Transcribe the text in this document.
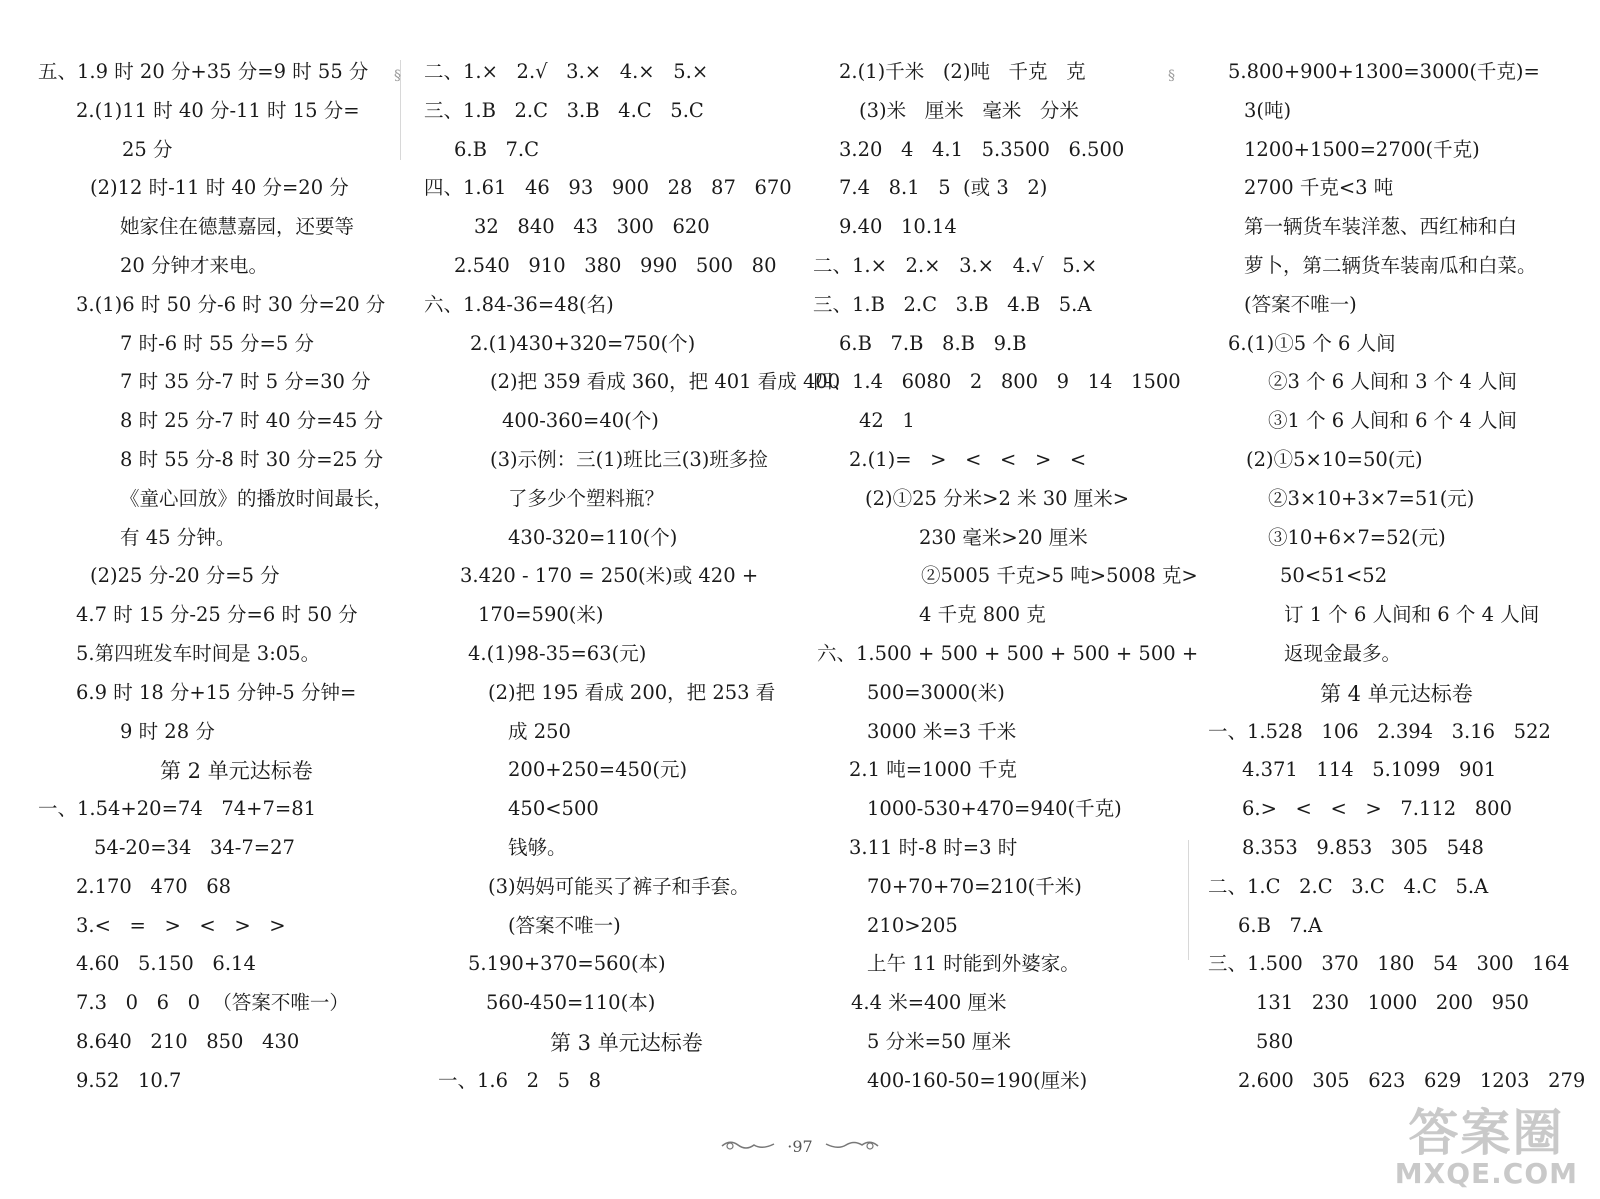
五、1.9 时 20 分+35 分=9 时 55 分
2.(1)11 时 40 分-11 时 15 分=
25 分
(2)12 时-11 时 40 分=20 分
她家住在德慧嘉园，还要等
20 分钟才来电。
3.(1)6 时 50 分-6 时 30 分=20 分
7 时-6 时 55 分=5 分
7 时 35 分-7 时 5 分=30 分
8 时 25 分-7 时 40 分=45 分
8 时 55 分-8 时 30 分=25 分
《童心回放》的播放时间最长，
有 45 分钟。
(2)25 分-20 分=5 分
4.7 时 15 分-25 分=6 时 50 分
5.第四班发车时间是 3:05。
6.9 时 18 分+15 分钟-5 分钟=
9 时 28 分
第 2 单元达标卷
一、1.54+20=74   74+7=81
54-20=34   34-7=27
2.170   470   68
3.<   =   >   <   >   >
4.60   5.150   6.14
7.3   0   6   0  （答案不唯一）
8.640   210   850   430
9.52   10.7
二、1.×   2.√   3.×   4.×   5.×
三、1.B   2.C   3.B   4.C   5.C
6.B   7.C
四、1.61   46   93   900   28   87   670
32   840   43   300   620
2.540   910   380   990   500   80
六、1.84-36=48(名)
2.(1)430+320=750(个)
(2)把 359 看成 360，把 401 看成 400
400-360=40(个)
(3)示例：三(1)班比三(3)班多捡
了多少个塑料瓶？
430-320=110(个)
3.420 - 170 = 250(米)或 420 +
170=590(米)
4.(1)98-35=63(元)
(2)把 195 看成 200，把 253 看
成 250
200+250=450(元)
450<500
钱够。
(3)妈妈可能买了裤子和手套。
(答案不唯一)
5.190+370=560(本)
560-450=110(本)
第 3 单元达标卷
一、1.6   2   5   8
2.(1)千米   (2)吨   千克   克
(3)米   厘米   毫米   分米
3.20   4   4.1   5.3500   6.500
7.4   8.1   5  (或 3   2)
9.40   10.14
二、1.×   2.×   3.×   4.√   5.×
三、1.B   2.C   3.B   4.B   5.A
6.B   7.B   8.B   9.B
四、1.4   6080   2   800   9   14   1500
42   1
2.(1)=   >   <   <   >   <
(2)①25 分米>2 米 30 厘米>
230 毫米>20 厘米
②5005 千克>5 吨>5008 克>
4 千克 800 克
六、1.500 + 500 + 500 + 500 + 500 +
500=3000(米)
3000 米=3 千米
2.1 吨=1000 千克
1000-530+470=940(千克)
3.11 时-8 时=3 时
70+70+70=210(千米)
210>205
上午 11 时能到外婆家。
4.4 米=400 厘米
5 分米=50 厘米
400-160-50=190(厘米)
5.800+900+1300=3000(千克)=
3(吨)
1200+1500=2700(千克)
2700 千克<3 吨
第一辆货车装洋葱、西红柿和白
萝卜，第二辆货车装南瓜和白菜。
(答案不唯一)
6.(1)①5 个 6 人间
②3 个 6 人间和 3 个 4 人间
③1 个 6 人间和 6 个 4 人间
(2)①5×10=50(元)
②3×10+3×7=51(元)
③10+6×7=52(元)
50<51<52
订 1 个 6 人间和 6 个 4 人间
返现金最多。
第 4 单元达标卷
一、1.528   106   2.394   3.16   522
4.371   114   5.1099   901
6.>   <   <   >   7.112   800
8.353   9.853   305   548
二、1.C   2.C   3.C   4.C   5.A
6.B   7.A
三、1.500   370   180   54   300   164
131   230   1000   200   950
580
2.600   305   623   629   1203   279
§	§
·97	答案圈
MXQE.COM
